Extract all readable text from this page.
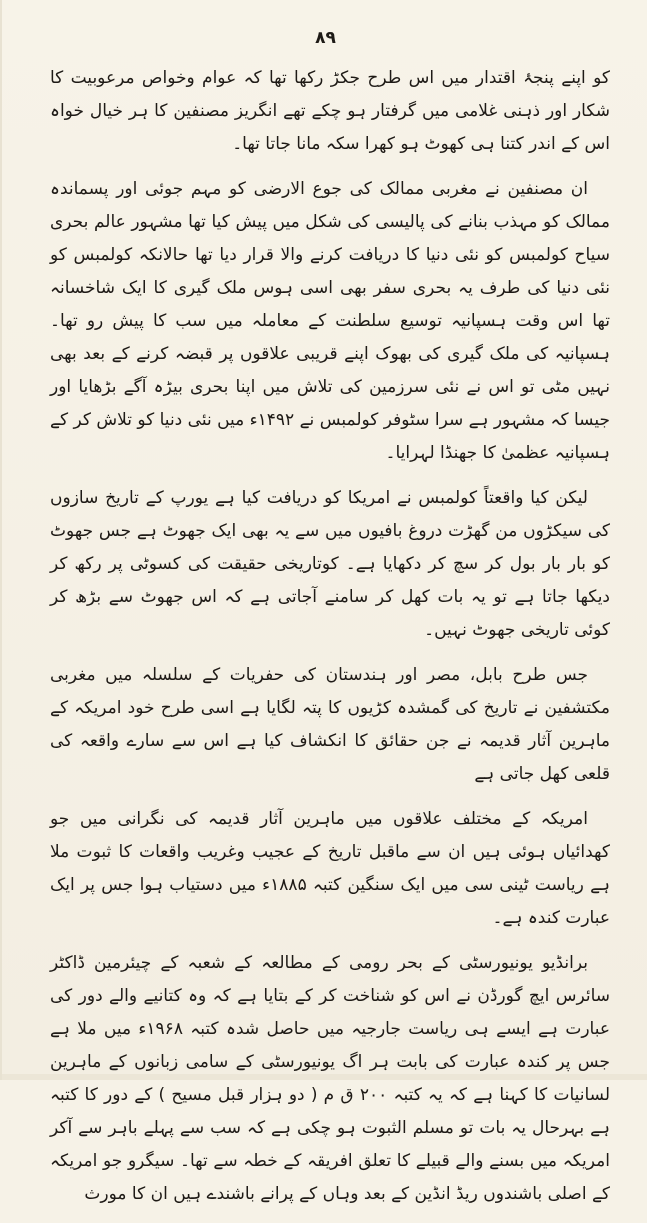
۸۹

کو اپنے پنجۂ اقتدار میں اس طرح جکڑ رکھا تھا کہ عوام وخواص مرعوبیت کا شکار اور ذہنی غلامی میں گرفتار ہو چکے تھے انگریز مصنفین کا ہر خیال خواہ اس کے اندر کتنا ہی کھوٹ ہو کھرا سکہ مانا جاتا تھا۔

ان مصنفین نے مغربی ممالک کی جوع الارضی کو مہم جوئی اور پسماندہ ممالک کو مہذب بنانے کی پالیسی کی شکل میں پیش کیا تھا مشہور عالم بحری سیاح کولمبس کو نئی دنیا کا دریافت کرنے والا قرار دیا تھا حالانکہ کولمبس کو نئی دنیا کی طرف یہ بحری سفر بھی اسی ہوس ملک گیری کا ایک شاخسانہ تھا اس وقت ہسپانیہ توسیع سلطنت کے معاملہ میں سب کا پیش رو تھا۔ ہسپانیہ کی ملک گیری کی بھوک اپنے قریبی علاقوں پر قبضہ کرنے کے بعد بھی نہیں مٹی تو اس نے نئی سرزمین کی تلاش میں اپنا بحری بیڑہ آگے بڑھایا اور جیسا کہ مشہور ہے سرا سٹوفر کولمبس نے ۱۴۹۲ء میں نئی دنیا کو تلاش کر کے ہسپانیہ عظمیٰ کا جھنڈا لہرایا۔

لیکن کیا واقعتاً کولمبس نے امریکا کو دریافت کیا ہے یورپ کے تاریخ سازوں کی سیکڑوں من گھڑت دروغ بافیوں میں سے یہ بھی ایک جھوٹ ہے جس جھوٹ کو بار بار بول کر سچ کر دکھایا ہے۔ کوتاریخی حقیقت کی کسوٹی پر رکھ کر دیکھا جاتا ہے تو یہ بات کھل کر سامنے آجاتی ہے کہ اس جھوٹ سے بڑھ کر کوئی تاریخی جھوٹ نہیں۔

جس طرح بابل، مصر اور ہندستان کی حفریات کے سلسلہ میں مغربی مکتشفین نے تاریخ کی گمشدہ کڑیوں کا پتہ لگایا ہے اسی طرح خود امریکہ کے ماہرین آثار قدیمہ نے جن حقائق کا انکشاف کیا ہے اس سے سارے واقعہ کی قلعی کھل جاتی ہے

امریکہ کے مختلف علاقوں میں ماہرین آثار قدیمہ کی نگرانی میں جو کھدائیاں ہوئی ہیں ان سے ماقبل تاریخ کے عجیب وغریب واقعات کا ثبوت ملا ہے ریاست ٹینی سی میں ایک سنگین کتبہ ۱۸۸۵ء میں دستیاب ہوا جس پر ایک عبارت کندہ ہے۔

برانڈیو یونیورسٹی کے بحر رومی کے مطالعہ کے شعبہ کے چیئرمین ڈاکٹر سائرس ایچ گورڈن نے اس کو شناخت کر کے بتایا ہے کہ وہ کتانیے والے دور کی عبارت ہے ایسے ہی ریاست جارجیہ میں حاصل شدہ کتبہ ۱۹۶۸ء میں ملا ہے جس پر کندہ عبارت کی بابت ہر اگ یونیورسٹی کے سامی زبانوں کے ماہرین لسانیات کا کہنا ہے کہ یہ کتبہ ۲۰۰ ق م ( دو ہزار قبل مسیح ) کے دور کا کتبہ ہے بہرحال یہ بات تو مسلم الثبوت ہو چکی ہے کہ سب سے پہلے باہر سے آکر امریکہ میں بسنے والے قبیلے کا تعلق افریقہ کے خطہ سے تھا۔ سیگرو جو امریکہ کے اصلی باشندوں ریڈ انڈین کے بعد وہاں کے پرانے باشندے ہیں ان کا مورث
